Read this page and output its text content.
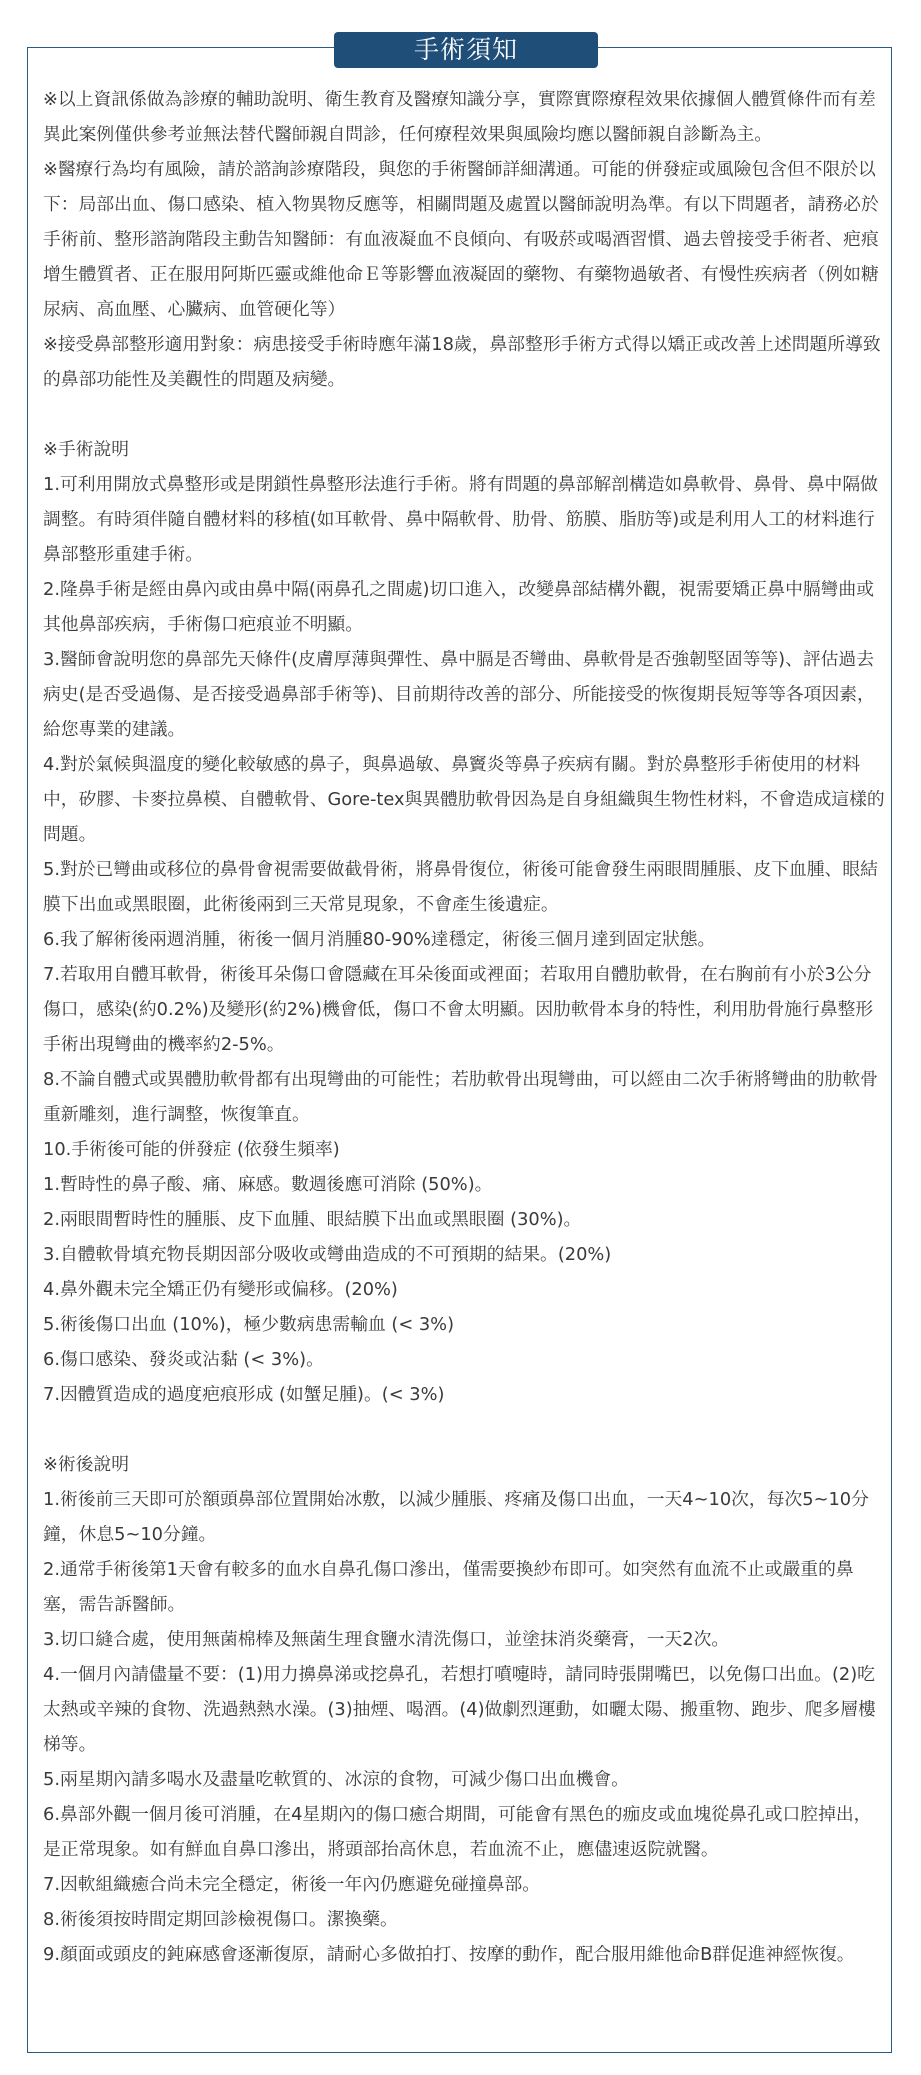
手術須知

※以上資訊係做為診療的輔助說明、衛生教育及醫療知識分享，實際實際療程效果依據個人體質條件而有差異此案例僅供參考並無法替代醫師親自問診，任何療程效果與風險均應以醫師親自診斷為主。

※醫療行為均有風險，請於諮詢診療階段，與您的手術醫師詳細溝通。可能的併發症或風險包含但不限於以下：局部出血、傷口感染、植入物異物反應等，相關問題及處置以醫師說明為準。有以下問題者，請務必於手術前、整形諮詢階段主動告知醫師：有血液凝血不良傾向、有吸菸或喝酒習慣、過去曾接受手術者、疤痕增生體質者、正在服用阿斯匹靈或維他命Ｅ等影響血液凝固的藥物、有藥物過敏者、有慢性疾病者（例如糖尿病、高血壓、心臟病、血管硬化等）

※接受鼻部整形適用對象：病患接受手術時應年滿18歲，鼻部整形手術方式得以矯正或改善上述問題所導致的鼻部功能性及美觀性的問題及病變。

※手術說明

1.可利用開放式鼻整形或是閉鎖性鼻整形法進行手術。將有問題的鼻部解剖構造如鼻軟骨、鼻骨、鼻中隔做調整。有時須伴隨自體材料的移植(如耳軟骨、鼻中隔軟骨、肋骨、筋膜、脂肪等)或是利用人工的材料進行鼻部整形重建手術。

2.隆鼻手術是經由鼻內或由鼻中隔(兩鼻孔之間處)切口進入，改變鼻部結構外觀，視需要矯正鼻中膈彎曲或其他鼻部疾病，手術傷口疤痕並不明顯。

3.醫師會說明您的鼻部先天條件(皮膚厚薄與彈性、鼻中膈是否彎曲、鼻軟骨是否強韌堅固等等)、評估過去病史(是否受過傷、是否接受過鼻部手術等)、目前期待改善的部分、所能接受的恢復期長短等等各項因素，給您專業的建議。

4.對於氣候與溫度的變化較敏感的鼻子，與鼻過敏、鼻竇炎等鼻子疾病有關。對於鼻整形手術使用的材料中，矽膠、卡麥拉鼻模、自體軟骨、Gore-tex與異體肋軟骨因為是自身組織與生物性材料，不會造成這樣的問題。

5.對於已彎曲或移位的鼻骨會視需要做截骨術，將鼻骨復位，術後可能會發生兩眼間腫脹、皮下血腫、眼結膜下出血或黑眼圈，此術後兩到三天常見現象，不會產生後遺症。

6.我了解術後兩週消腫，術後一個月消腫80-90%達穩定，術後三個月達到固定狀態。

7.若取用自體耳軟骨，術後耳朵傷口會隱藏在耳朵後面或裡面；若取用自體肋軟骨，在右胸前有小於3公分傷口，感染(約0.2%)及變形(約2%)機會低，傷口不會太明顯。因肋軟骨本身的特性，利用肋骨施行鼻整形手術出現彎曲的機率約2-5%。

8.不論自體式或異體肋軟骨都有出現彎曲的可能性；若肋軟骨出現彎曲，可以經由二次手術將彎曲的肋軟骨重新雕刻，進行調整，恢復筆直。

10.手術後可能的併發症 (依發生頻率)

1.暫時性的鼻子酸、痛、麻感。數週後應可消除 (50%)。

2.兩眼間暫時性的腫脹、皮下血腫、眼結膜下出血或黑眼圈 (30%)。

3.自體軟骨填充物長期因部分吸收或彎曲造成的不可預期的結果。(20%)

4.鼻外觀未完全矯正仍有變形或偏移。(20%)

5.術後傷口出血 (10%)，極少數病患需輸血 (< 3%)

6.傷口感染、發炎或沾黏 (< 3%)。

7.因體質造成的過度疤痕形成 (如蟹足腫)。(< 3%)

※術後說明

1.術後前三天即可於額頭鼻部位置開始冰敷，以減少腫脹、疼痛及傷口出血，一天4~10次，每次5~10分鐘，休息5~10分鐘。

2.通常手術後第1天會有較多的血水自鼻孔傷口滲出，僅需要換紗布即可。如突然有血流不止或嚴重的鼻塞，需告訴醫師。

3.切口縫合處，使用無菌棉棒及無菌生理食鹽水清洗傷口，並塗抹消炎藥膏，一天2次。

4.一個月內請儘量不要：(1)用力擤鼻涕或挖鼻孔，若想打噴嚏時，請同時張開嘴巴，以免傷口出血。(2)吃太熱或辛辣的食物、洗過熱熱水澡。(3)抽煙、喝酒。(4)做劇烈運動，如曬太陽、搬重物、跑步、爬多層樓梯等。

5.兩星期內請多喝水及盡量吃軟質的、冰涼的食物，可減少傷口出血機會。

6.鼻部外觀一個月後可消腫，在4星期內的傷口癒合期間，可能會有黑色的痂皮或血塊從鼻孔或口腔掉出，是正常現象。如有鮮血自鼻口滲出，將頭部抬高休息，若血流不止，應儘速返院就醫。

7.因軟組織癒合尚未完全穩定，術後一年內仍應避免碰撞鼻部。

8.術後須按時間定期回診檢視傷口。潔換藥。

9.顏面或頭皮的鈍麻感會逐漸復原，請耐心多做拍打、按摩的動作，配合服用維他命B群促進神經恢復。
